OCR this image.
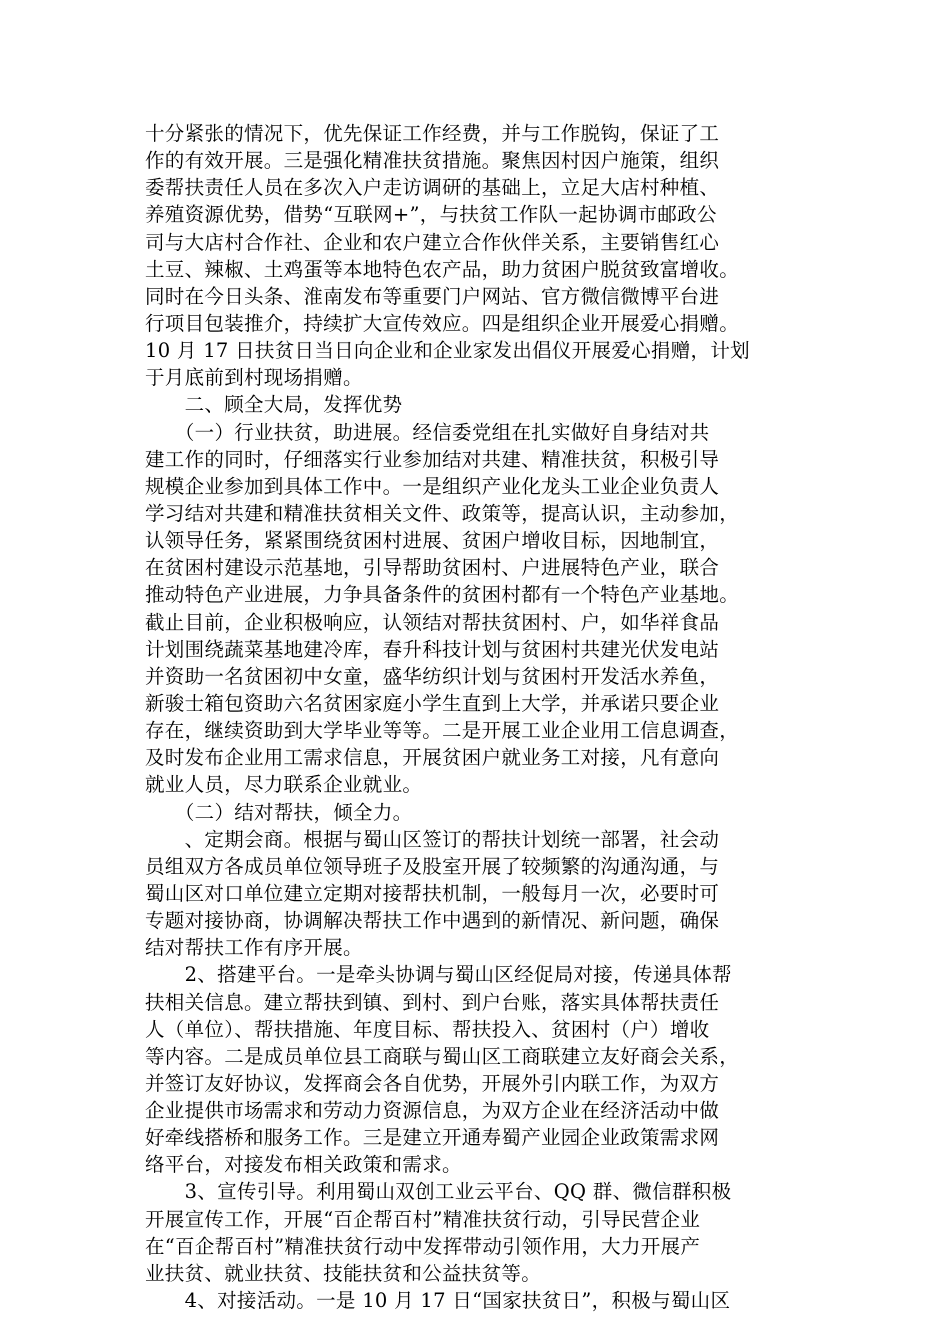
十分紧张的情况下，优先保证工作经费，并与工作脱钩，保证了工
作的有效开展。三是强化精准扶贫措施。聚焦因村因户施策，组织
委帮扶责任人员在多次入户走访调研的基础上，立足大店村种植、
养殖资源优势，借势“互联网+”，与扶贫工作队一起协调市邮政公
司与大店村合作社、企业和农户建立合作伙伴关系，主要销售红心
土豆、辣椒、土鸡蛋等本地特色农产品，助力贫困户脱贫致富增收。
同时在今日头条、淮南发布等重要门户网站、官方微信微博平台进
行项目包装推介，持续扩大宣传效应。四是组织企业开展爱心捐赠。
10 月 17 日扶贫日当日向企业和企业家发出倡仪开展爱心捐赠，计划
于月底前到村现场捐赠。
　　二、顾全大局，发挥优势
　　（一）行业扶贫，助进展。经信委党组在扎实做好自身结对共
建工作的同时，仔细落实行业参加结对共建、精准扶贫，积极引导
规模企业参加到具体工作中。一是组织产业化龙头工业企业负责人
学习结对共建和精准扶贫相关文件、政策等，提高认识，主动参加，
认领导任务，紧紧围绕贫困村进展、贫困户增收目标，因地制宜，
在贫困村建设示范基地，引导帮助贫困村、户进展特色产业，联合
推动特色产业进展，力争具备条件的贫困村都有一个特色产业基地。
截止目前，企业积极响应，认领结对帮扶贫困村、户，如华祥食品
计划围绕蔬菜基地建冷库，春升科技计划与贫困村共建光伏发电站
并资助一名贫困初中女童，盛华纺织计划与贫困村开发活水养鱼，
新骏士箱包资助六名贫困家庭小学生直到上大学，并承诺只要企业
存在，继续资助到大学毕业等等。二是开展工业企业用工信息调查，
及时发布企业用工需求信息，开展贫困户就业务工对接，凡有意向
就业人员，尽力联系企业就业。
　　（二）结对帮扶，倾全力。
　　、定期会商。根据与蜀山区签订的帮扶计划统一部署，社会动
员组双方各成员单位领导班子及股室开展了较频繁的沟通沟通，与
蜀山区对口单位建立定期对接帮扶机制，一般每月一次，必要时可
专题对接协商，协调解决帮扶工作中遇到的新情况、新问题，确保
结对帮扶工作有序开展。
　　2、搭建平台。一是牵头协调与蜀山区经促局对接，传递具体帮
扶相关信息。建立帮扶到镇、到村、到户台账，落实具体帮扶责任
人（单位）、帮扶措施、年度目标、帮扶投入、贫困村（户）增收
等内容。二是成员单位县工商联与蜀山区工商联建立友好商会关系，
并签订友好协议，发挥商会各自优势，开展外引内联工作，为双方
企业提供市场需求和劳动力资源信息，为双方企业在经济活动中做
好牵线搭桥和服务工作。三是建立开通寿蜀产业园企业政策需求网
络平台，对接发布相关政策和需求。
　　3、宣传引导。利用蜀山双创工业云平台、QQ 群、微信群积极
开展宣传工作，开展“百企帮百村”精准扶贫行动，引导民营企业
在“百企帮百村”精准扶贫行动中发挥带动引领作用，大力开展产
业扶贫、就业扶贫、技能扶贫和公益扶贫等。
　　4、对接活动。一是 10 月 17 日“国家扶贫日”，积极与蜀山区
